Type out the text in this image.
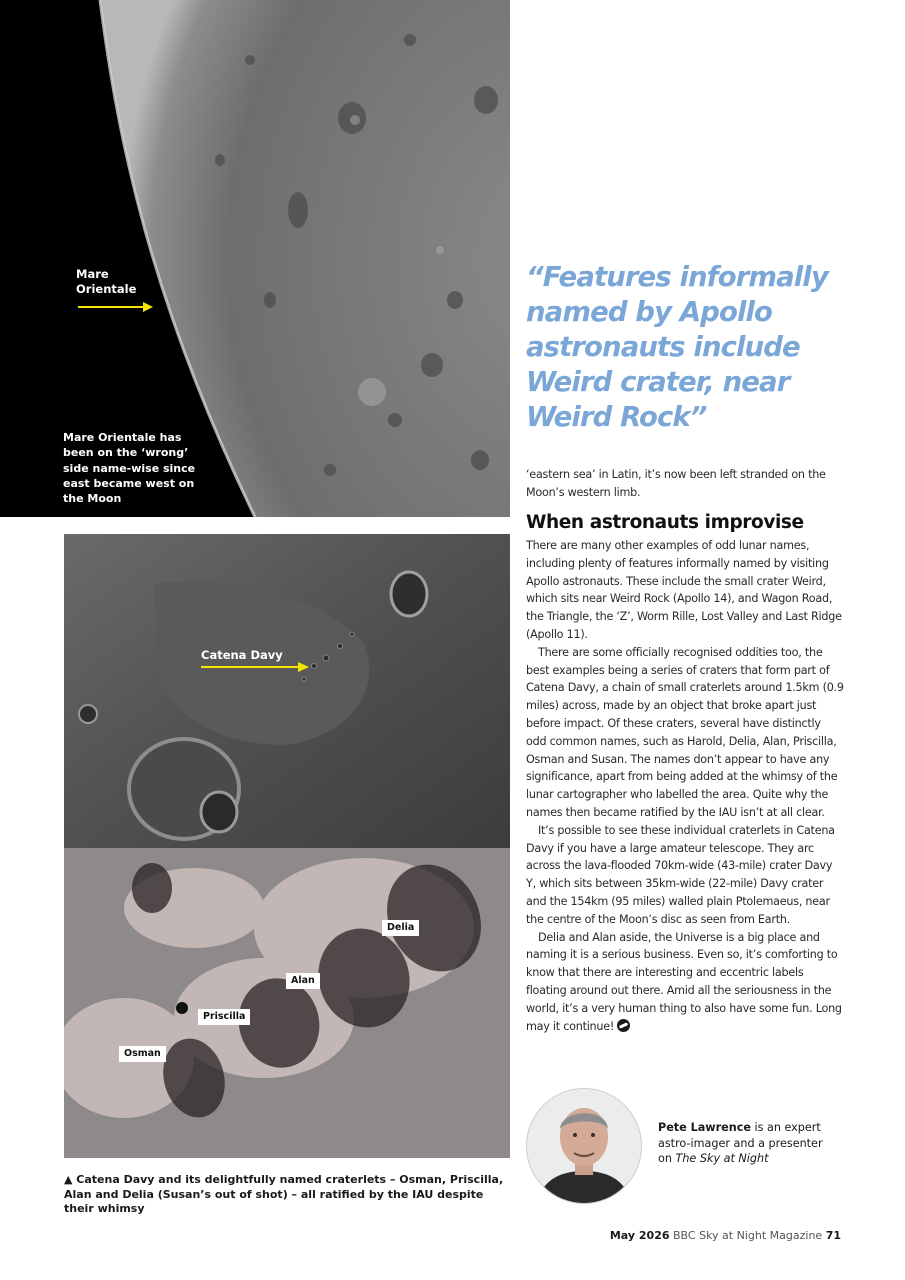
Mare Orientale
Mare Orientale has been on the ‘wrong’ side name-wise since east became west on the Moon
Catena Davy
Delia
Alan
Priscilla
Osman
▲ Catena Davy and its delightfully named craterlets – Osman, Priscilla, Alan and Delia (Susan’s out of shot) – all ratified by the IAU despite their whimsy
“Features informally named by Apollo astronauts include Weird crater, near Weird Rock”

‘eastern sea’ in Latin, it’s now been left stranded on the Moon’s western limb.

When astronauts improvise

There are many other examples of odd lunar names, including plenty of features informally named by visiting Apollo astronauts. These include the small crater Weird, which sits near Weird Rock (Apollo 14), and Wagon Road, the Triangle, the ‘Z’, Worm Rille, Lost Valley and Last Ridge (Apollo 11).

There are some officially recognised oddities too, the best examples being a series of craters that form part of Catena Davy, a chain of small craterlets around 1.5km (0.9 miles) across, made by an object that broke apart just before impact. Of these craters, several have distinctly odd common names, such as Harold, Delia, Alan, Priscilla, Osman and Susan. The names don’t appear to have any significance, apart from being added at the whimsy of the lunar cartographer who labelled the area. Quite why the names then became ratified by the IAU isn’t at all clear.

It’s possible to see these individual craterlets in Catena Davy if you have a large amateur telescope. They arc across the lava-flooded 70km-wide (43-mile) crater Davy Y, which sits between 35km-wide (22-mile) Davy crater and the 154km (95 miles) walled plain Ptolemaeus, near the centre of the Moon’s disc as seen from Earth.

Delia and Alan aside, the Universe is a big place and naming it is a serious business. Even so, it’s comforting to know that there are interesting and eccentric labels floating around out there. Amid all the seriousness in the world, it’s a very human thing to also have some fun. Long may it continue!

Pete Lawrence is an expert astro-imager and a presenter on The Sky at Night
May 2026 BBC Sky at Night Magazine 71
